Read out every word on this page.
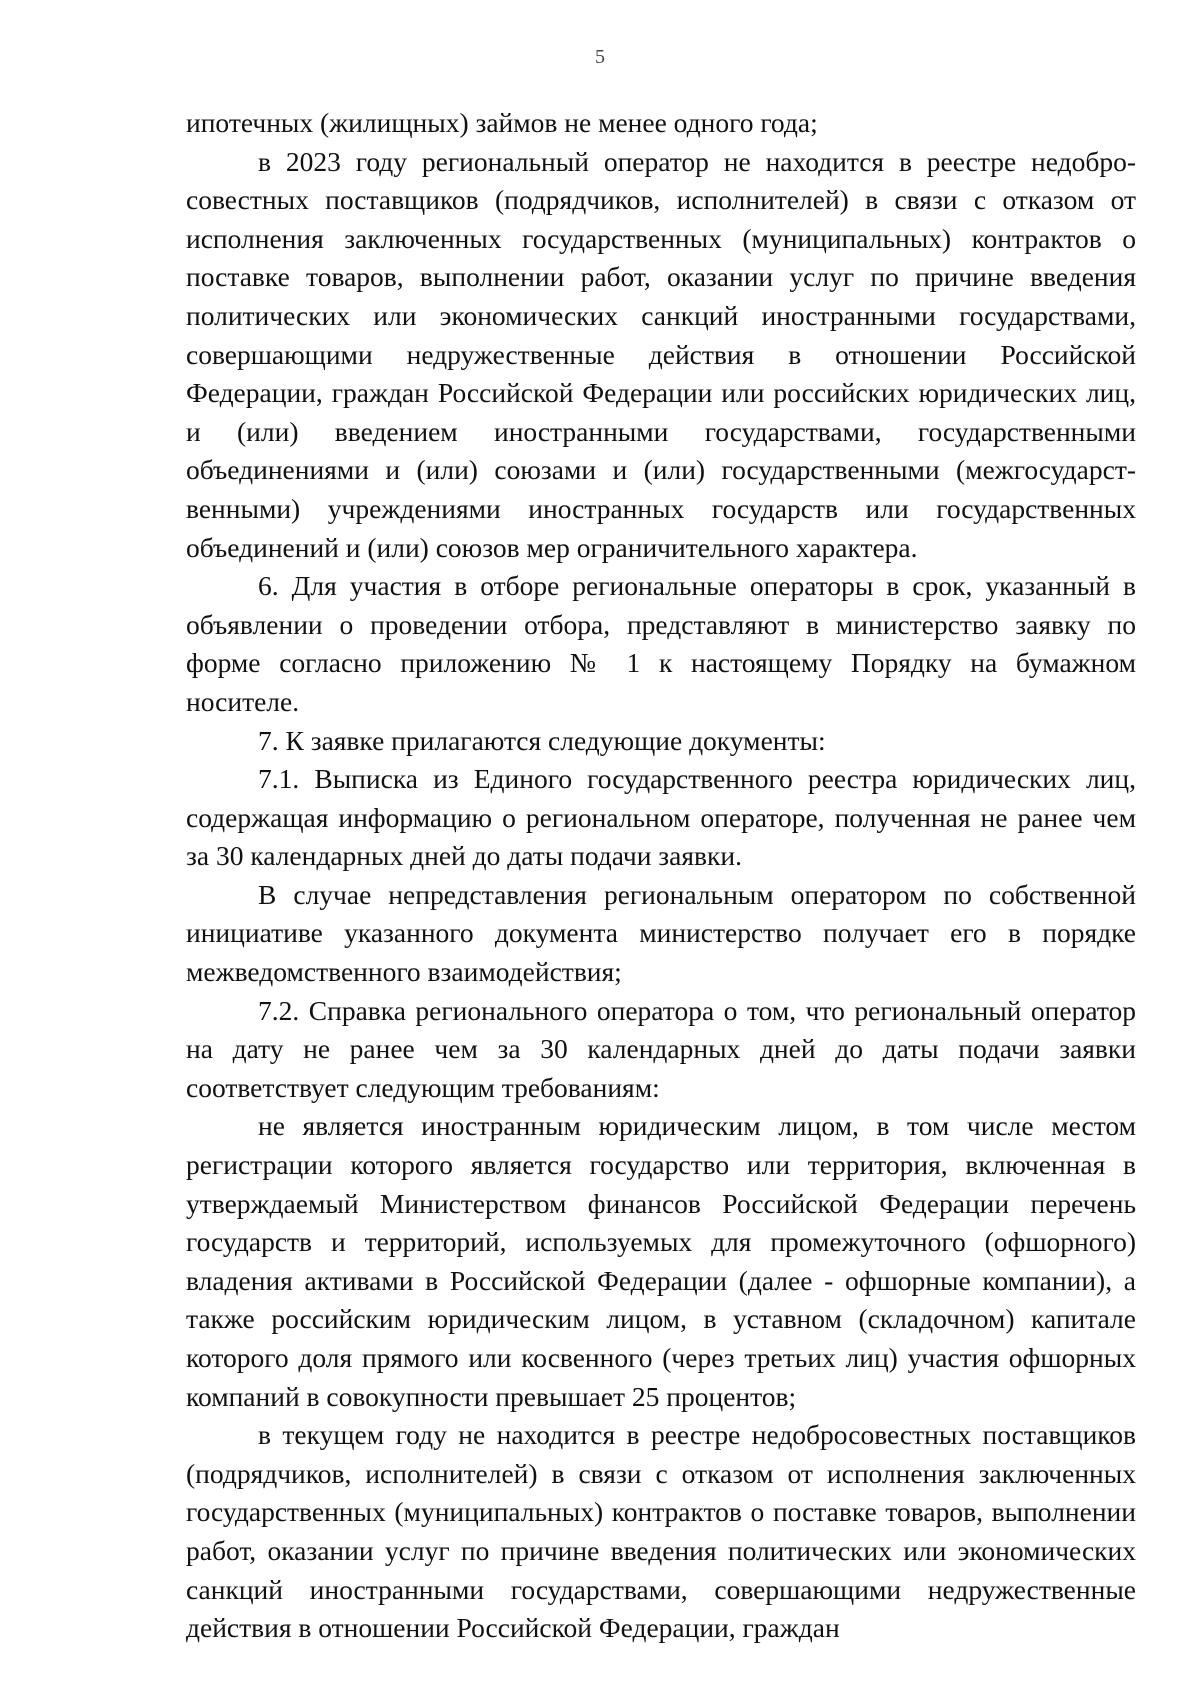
5

ипотечных (жилищных) займов не менее одного года;

в 2023 году региональный оператор не находится в реестре недобро-совестных поставщиков (подрядчиков, исполнителей) в связи с отказом от исполнения заключенных государственных (муниципальных) контрактов о поставке товаров, выполнении работ, оказании услуг по причине введения политических или экономических санкций иностранными государствами, совершающими недружественные действия в отношении Российской Федерации, граждан Российской Федерации или российских юридических лиц, и (или) введением иностранными государствами, государственными объединениями и (или) союзами и (или) государственными (межгосударст-венными) учреждениями иностранных государств или государственных объединений и (или) союзов мер ограничительного характера.

6. Для участия в отборе региональные операторы в срок, указанный в объявлении о проведении отбора, представляют в министерство заявку по форме согласно приложению № 1 к настоящему Порядку на бумажном носителе.

7. К заявке прилагаются следующие документы:

7.1. Выписка из Единого государственного реестра юридических лиц, содержащая информацию о региональном операторе, полученная не ранее чем за 30 календарных дней до даты подачи заявки.

В случае непредставления региональным оператором по собственной инициативе указанного документа министерство получает его в порядке межведомственного взаимодействия;

7.2. Справка регионального оператора о том, что региональный оператор на дату не ранее чем за 30 календарных дней до даты подачи заявки соответствует следующим требованиям:

не является иностранным юридическим лицом, в том числе местом регистрации которого является государство или территория, включенная в утверждаемый Министерством финансов Российской Федерации перечень государств и территорий, используемых для промежуточного (офшорного) владения активами в Российской Федерации (далее - офшорные компании), а также российским юридическим лицом, в уставном (складочном) капитале которого доля прямого или косвенного (через третьих лиц) участия офшорных компаний в совокупности превышает 25 процентов;

в текущем году не находится в реестре недобросовестных поставщиков (подрядчиков, исполнителей) в связи с отказом от исполнения заключенных государственных (муниципальных) контрактов о поставке товаров, выполнении работ, оказании услуг по причине введения политических или экономических санкций иностранными государствами, совершающими недружественные действия в отношении Российской Федерации, граждан
